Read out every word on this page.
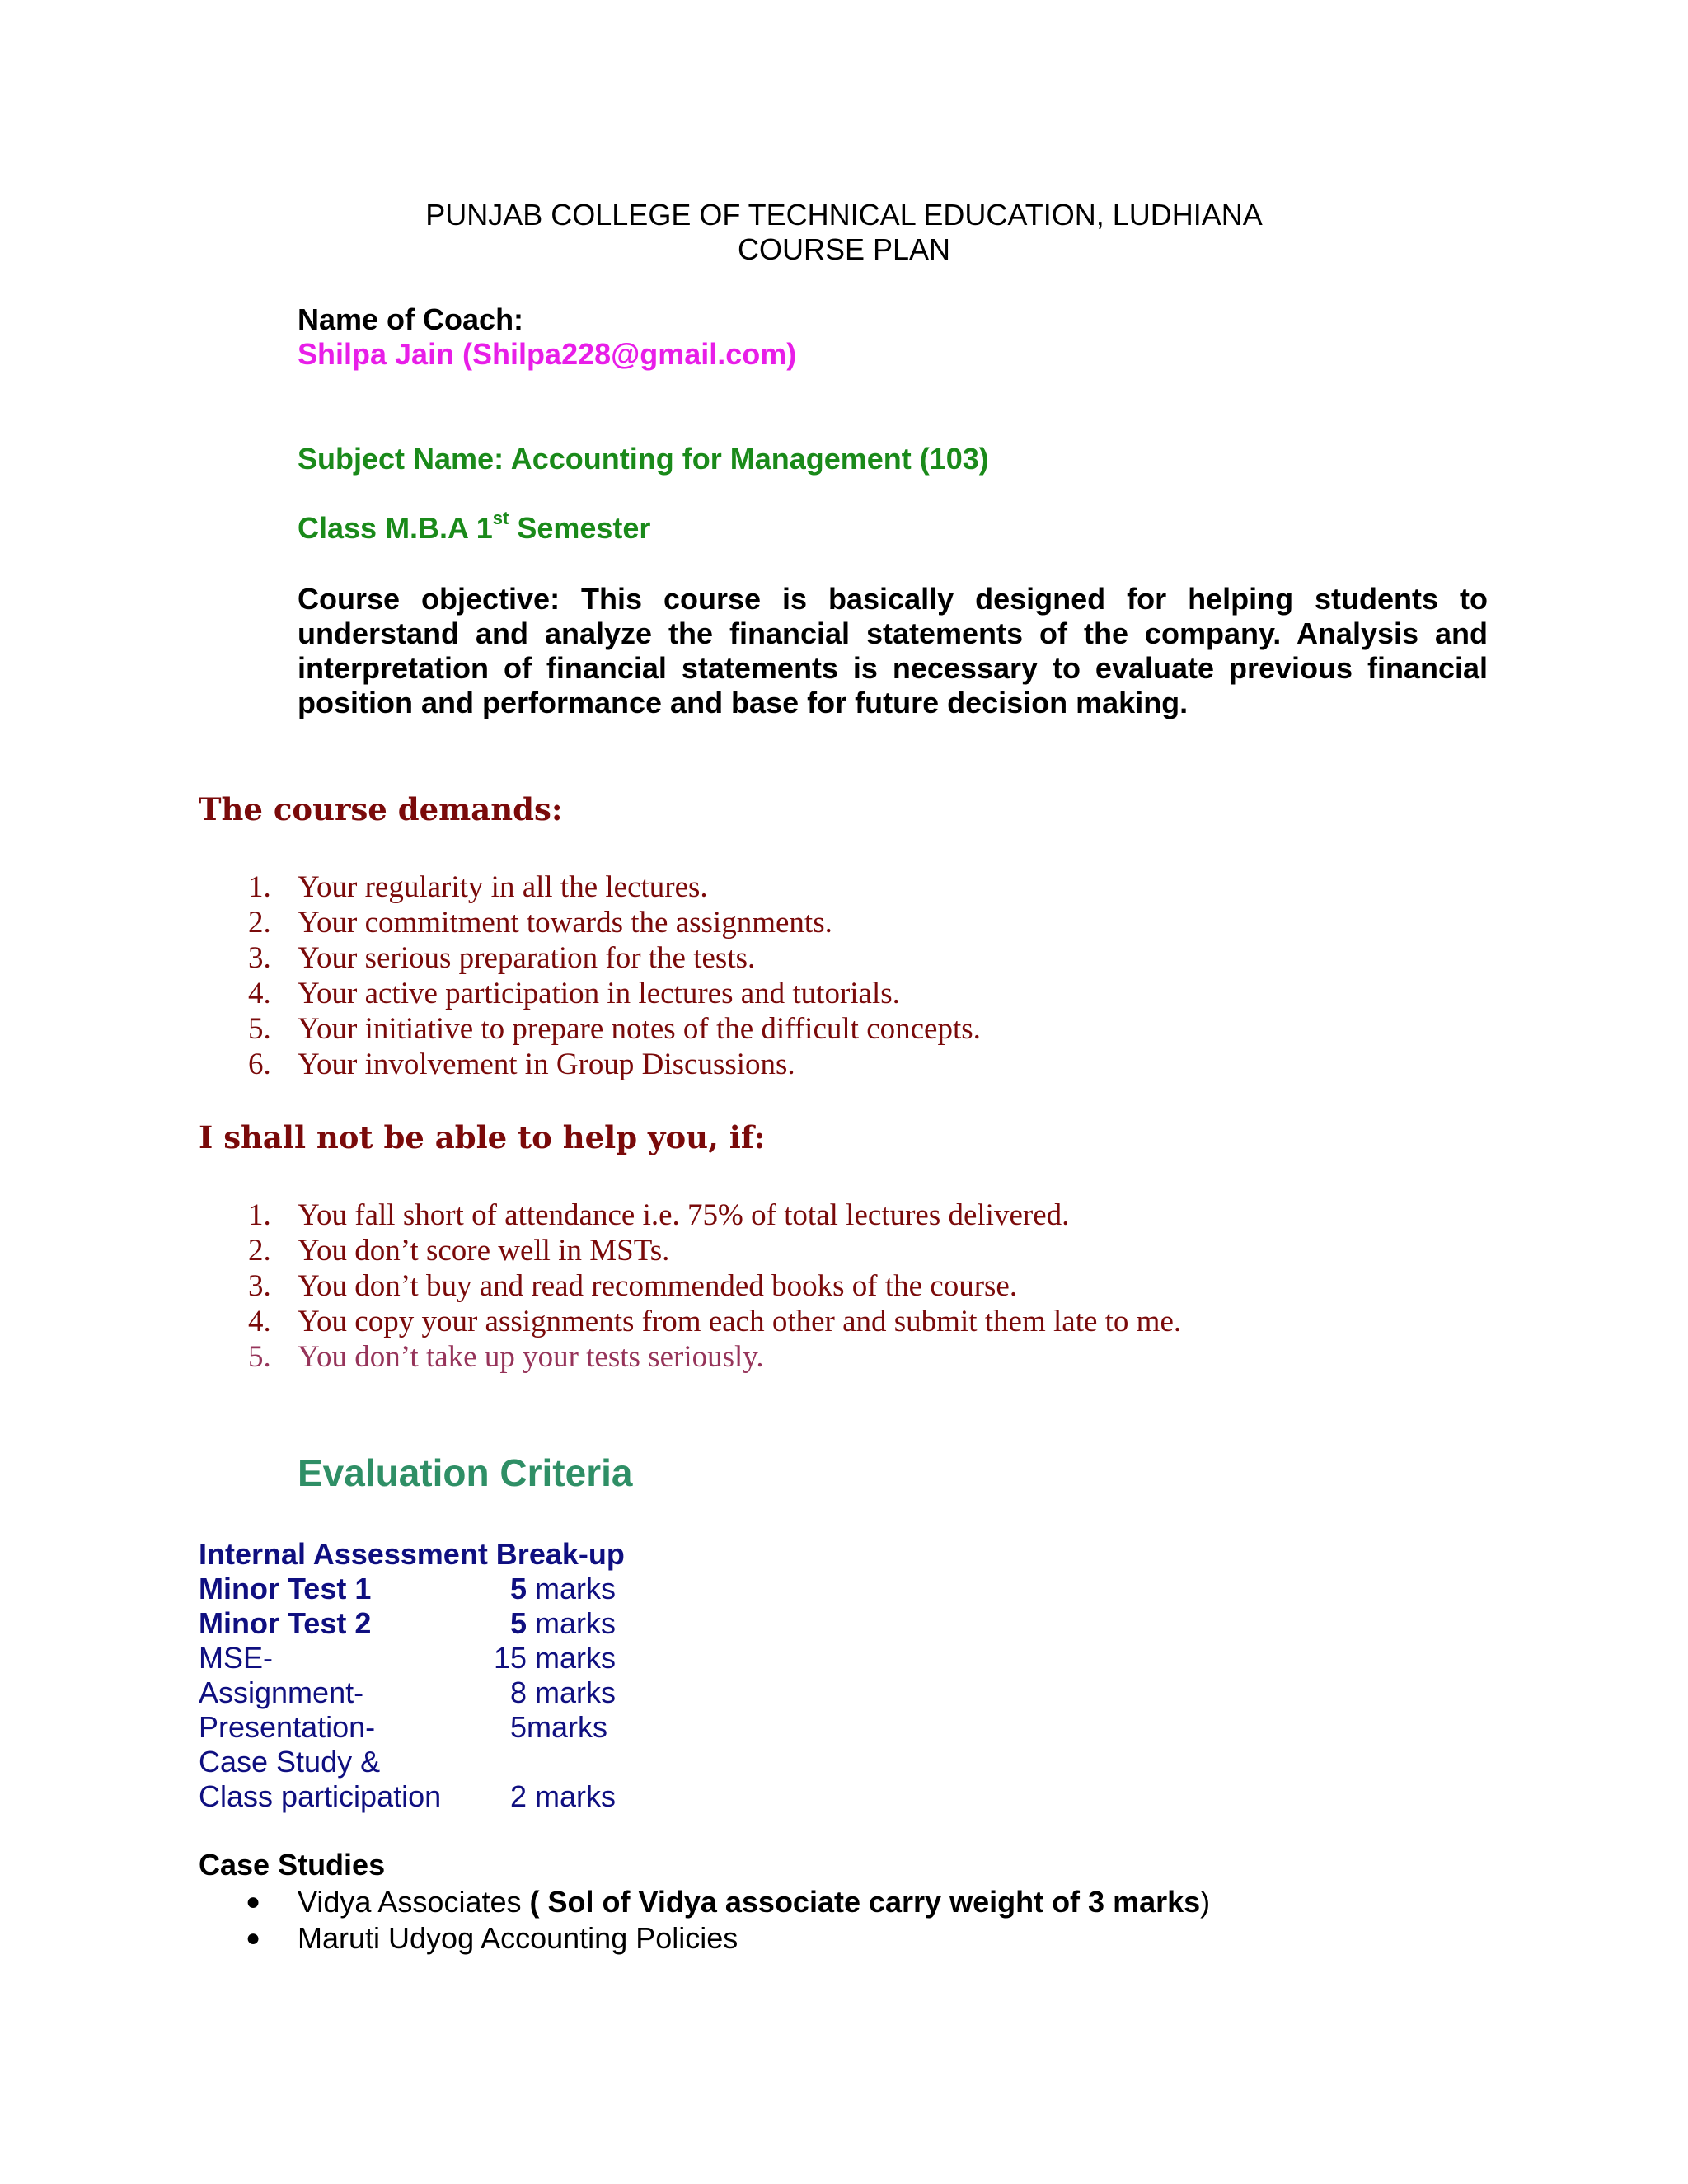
PUNJAB COLLEGE OF TECHNICAL EDUCATION, LUDHIANA
COURSE PLAN
Name of Coach:
Shilpa Jain (Shilpa228@gmail.com)
Subject Name: Accounting for Management (103)
Class M.B.A 1st Semester
Course objective: This course is basically designed for helping students to understand and analyze the financial statements of the company. Analysis and interpretation of financial statements is necessary to evaluate previous financial position and performance and base for future decision making.
The course demands:
1. Your regularity in all the lectures.
2. Your commitment towards the assignments.
3. Your serious preparation for the tests.
4. Your active participation in lectures and tutorials.
5. Your initiative to prepare notes of the difficult concepts.
6. Your involvement in Group Discussions.
I shall not be able to help you, if:
1. You fall short of attendance i.e. 75% of total lectures delivered.
2. You don’t score well in MSTs.
3. You don’t buy and read recommended books of the course.
4. You copy your assignments from each other and submit them late to me.
5. You don’t take up your tests seriously.
Evaluation Criteria
Internal Assessment Break-up
Minor Test 1	5 marks
Minor Test 2	5 marks
MSE-	15 marks
Assignment-	8 marks
Presentation-	5marks
Case Study &
Class participation 2 marks
Case Studies
● Vidya Associates ( Sol of Vidya associate carry weight of 3 marks)
● Maruti Udyog Accounting Policies
